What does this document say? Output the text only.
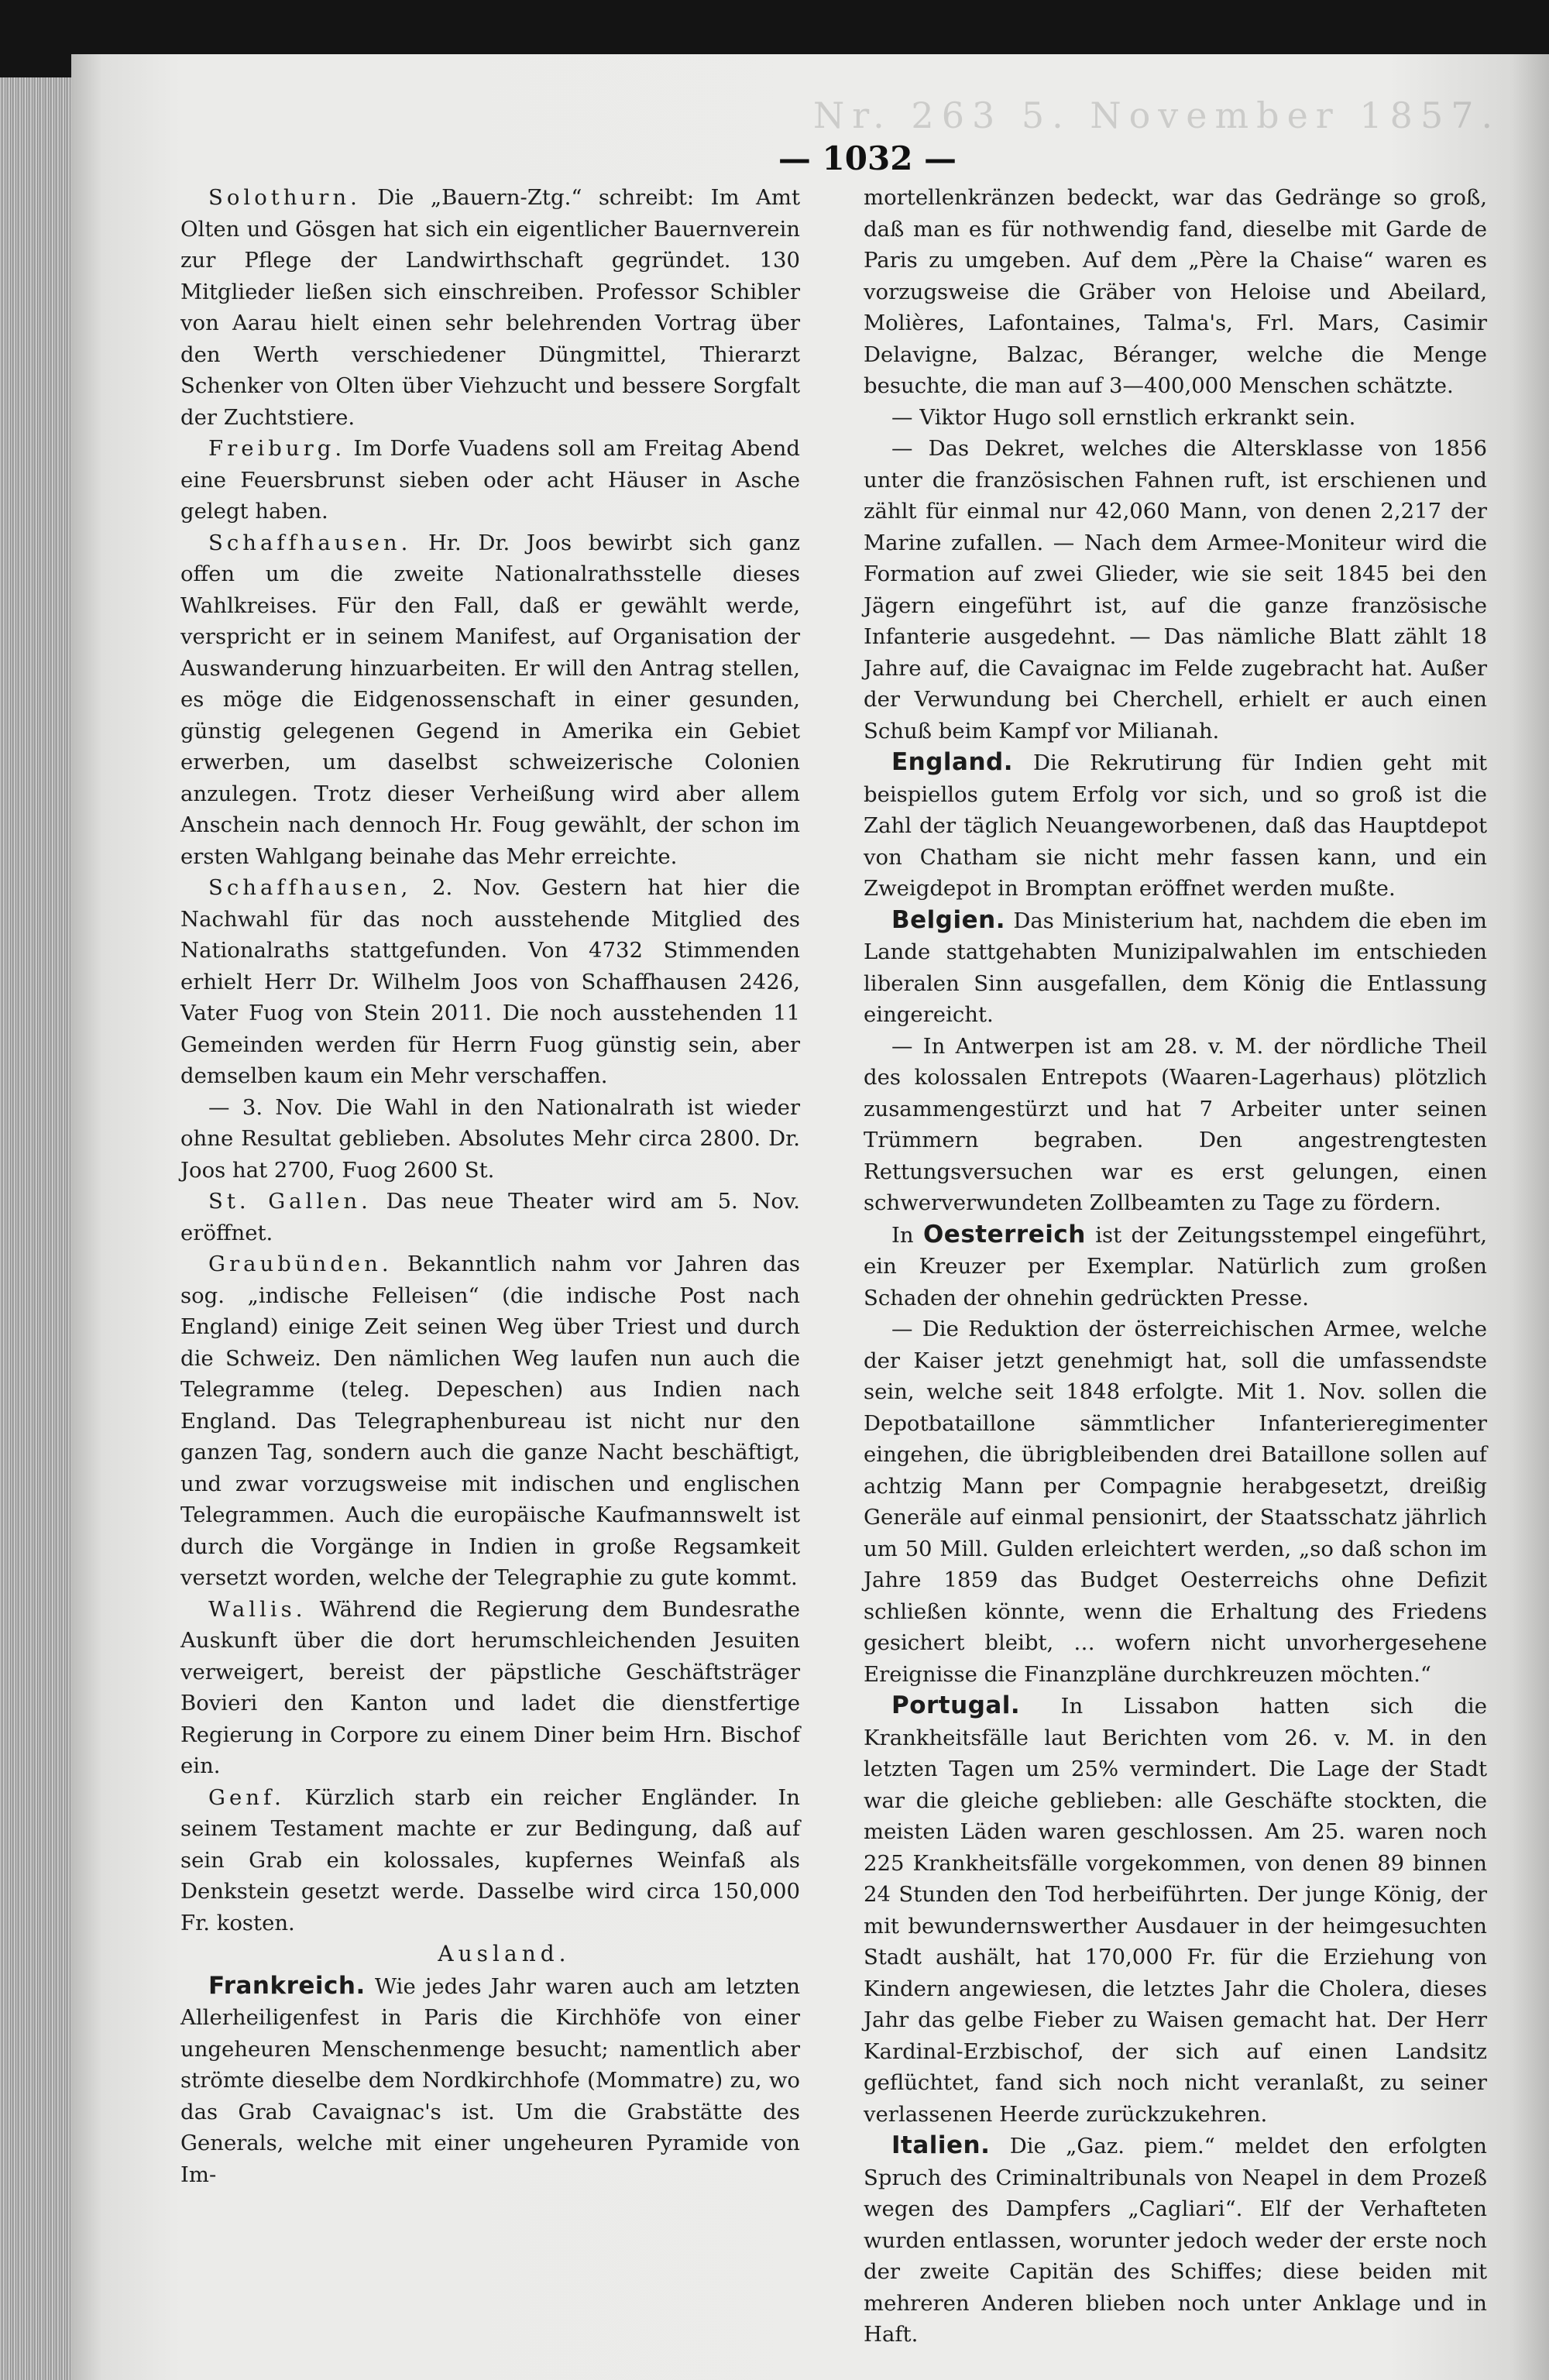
Nr. 263 5. November 1857.
— 1032 —

Solothurn. Die „Bauern-Ztg.“ schreibt: Im Amt Olten und Gösgen hat sich ein eigentlicher Bauernverein zur Pflege der Landwirthschaft gegründet. 130 Mitglieder ließen sich einschreiben. Professor Schibler von Aarau hielt einen sehr belehrenden Vortrag über den Werth verschiedener Düngmittel, Thierarzt Schenker von Olten über Viehzucht und bessere Sorgfalt der Zuchtstiere.

Freiburg. Im Dorfe Vuadens soll am Freitag Abend eine Feuersbrunst sieben oder acht Häuser in Asche gelegt haben.

Schaffhausen. Hr. Dr. Joos bewirbt sich ganz offen um die zweite Nationalrathsstelle dieses Wahlkreises. Für den Fall, daß er gewählt werde, verspricht er in seinem Manifest, auf Organisation der Auswanderung hinzuarbeiten. Er will den Antrag stellen, es möge die Eidgenossenschaft in einer gesunden, günstig gelegenen Gegend in Amerika ein Gebiet erwerben, um daselbst schweizerische Colonien anzulegen. Trotz dieser Verheißung wird aber allem Anschein nach dennoch Hr. Foug gewählt, der schon im ersten Wahlgang beinahe das Mehr erreichte.

Schaffhausen, 2. Nov. Gestern hat hier die Nachwahl für das noch ausstehende Mitglied des Nationalraths stattgefunden. Von 4732 Stimmenden erhielt Herr Dr. Wilhelm Joos von Schaffhausen 2426, Vater Fuog von Stein 2011. Die noch ausstehenden 11 Gemeinden werden für Herrn Fuog günstig sein, aber demselben kaum ein Mehr verschaffen.

— 3. Nov. Die Wahl in den Nationalrath ist wieder ohne Resultat geblieben. Absolutes Mehr circa 2800. Dr. Joos hat 2700, Fuog 2600 St.

St. Gallen. Das neue Theater wird am 5. Nov. eröffnet.

Graubünden. Bekanntlich nahm vor Jahren das sog. „indische Felleisen“ (die indische Post nach England) einige Zeit seinen Weg über Triest und durch die Schweiz. Den nämlichen Weg laufen nun auch die Telegramme (teleg. Depeschen) aus Indien nach England. Das Telegraphenbureau ist nicht nur den ganzen Tag, sondern auch die ganze Nacht beschäftigt, und zwar vorzugsweise mit indischen und englischen Telegrammen. Auch die europäische Kaufmannswelt ist durch die Vorgänge in Indien in große Regsamkeit versetzt worden, welche der Telegraphie zu gute kommt.

Wallis. Während die Regierung dem Bundesrathe Auskunft über die dort herumschleichenden Jesuiten verweigert, bereist der päpstliche Geschäftsträger Bovieri den Kanton und ladet die dienstfertige Regierung in Corpore zu einem Diner beim Hrn. Bischof ein.

Genf. Kürzlich starb ein reicher Engländer. In seinem Testament machte er zur Bedingung, daß auf sein Grab ein kolossales, kupfernes Weinfaß als Denkstein gesetzt werde. Dasselbe wird circa 150,000 Fr. kosten.

Ausland.

Frankreich. Wie jedes Jahr waren auch am letzten Allerheiligenfest in Paris die Kirchhöfe von einer ungeheuren Menschenmenge besucht; namentlich aber strömte dieselbe dem Nordkirchhofe (Mommatre) zu, wo das Grab Cavaignac's ist. Um die Grabstätte des Generals, welche mit einer ungeheuren Pyramide von Im-

mortellenkränzen bedeckt, war das Gedränge so groß, daß man es für nothwendig fand, dieselbe mit Garde de Paris zu umgeben. Auf dem „Père la Chaise“ waren es vorzugsweise die Gräber von Heloise und Abeilard, Molières, Lafontaines, Talma's, Frl. Mars, Casimir Delavigne, Balzac, Béranger, welche die Menge besuchte, die man auf 3—400,000 Menschen schätzte.

— Viktor Hugo soll ernstlich erkrankt sein.

— Das Dekret, welches die Altersklasse von 1856 unter die französischen Fahnen ruft, ist erschienen und zählt für einmal nur 42,060 Mann, von denen 2,217 der Marine zufallen. — Nach dem Armee-Moniteur wird die Formation auf zwei Glieder, wie sie seit 1845 bei den Jägern eingeführt ist, auf die ganze französische Infanterie ausgedehnt. — Das nämliche Blatt zählt 18 Jahre auf, die Cavaignac im Felde zugebracht hat. Außer der Verwundung bei Cherchell, erhielt er auch einen Schuß beim Kampf vor Milianah.

England. Die Rekrutirung für Indien geht mit beispiellos gutem Erfolg vor sich, und so groß ist die Zahl der täglich Neuangeworbenen, daß das Hauptdepot von Chatham sie nicht mehr fassen kann, und ein Zweigdepot in Bromptan eröffnet werden mußte.

Belgien. Das Ministerium hat, nachdem die eben im Lande stattgehabten Munizipalwahlen im entschieden liberalen Sinn ausgefallen, dem König die Entlassung eingereicht.

— In Antwerpen ist am 28. v. M. der nördliche Theil des kolossalen Entrepots (Waaren-Lagerhaus) plötzlich zusammengestürzt und hat 7 Arbeiter unter seinen Trümmern begraben. Den angestrengtesten Rettungsversuchen war es erst gelungen, einen schwerverwundeten Zollbeamten zu Tage zu fördern.

In Oesterreich ist der Zeitungsstempel eingeführt, ein Kreuzer per Exemplar. Natürlich zum großen Schaden der ohnehin gedrückten Presse.

— Die Reduktion der österreichischen Armee, welche der Kaiser jetzt genehmigt hat, soll die umfassendste sein, welche seit 1848 erfolgte. Mit 1. Nov. sollen die Depotbataillone sämmtlicher Infanterieregimenter eingehen, die übrigbleibenden drei Bataillone sollen auf achtzig Mann per Compagnie herabgesetzt, dreißig Generäle auf einmal pensionirt, der Staatsschatz jährlich um 50 Mill. Gulden erleichtert werden, „so daß schon im Jahre 1859 das Budget Oesterreichs ohne Defizit schließen könnte, wenn die Erhaltung des Friedens gesichert bleibt, … wofern nicht unvorhergesehene Ereignisse die Finanzpläne durchkreuzen möchten.“

Portugal. In Lissabon hatten sich die Krankheitsfälle laut Berichten vom 26. v. M. in den letzten Tagen um 25% vermindert. Die Lage der Stadt war die gleiche geblieben: alle Geschäfte stockten, die meisten Läden waren geschlossen. Am 25. waren noch 225 Krankheitsfälle vorgekommen, von denen 89 binnen 24 Stunden den Tod herbeiführten. Der junge König, der mit bewundernswerther Ausdauer in der heimgesuchten Stadt aushält, hat 170,000 Fr. für die Erziehung von Kindern angewiesen, die letztes Jahr die Cholera, dieses Jahr das gelbe Fieber zu Waisen gemacht hat. Der Herr Kardinal-Erzbischof, der sich auf einen Landsitz geflüchtet, fand sich noch nicht veranlaßt, zu seiner verlassenen Heerde zurückzukehren.

Italien. Die „Gaz. piem.“ meldet den erfolgten Spruch des Criminaltribunals von Neapel in dem Prozeß wegen des Dampfers „Cagliari“. Elf der Verhafteten wurden entlassen, worunter jedoch weder der erste noch der zweite Capitän des Schiffes; diese beiden mit mehreren Anderen blieben noch unter Anklage und in Haft.
